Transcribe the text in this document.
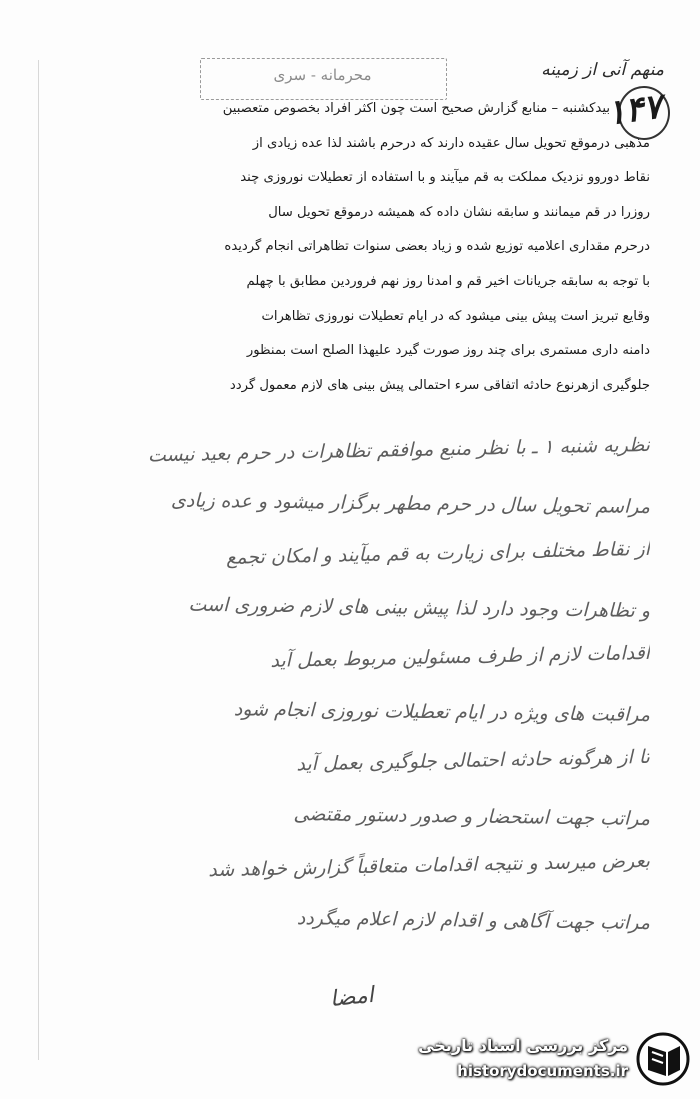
محرمانه - سری	منهم آنی از زمینه
۱۴۷
بیدکشنبه – منابع گزارش صحیح است چون اکثر افراد بخصوص متعصبین
مذهبی درموقع تحویل سال عقیده دارند که درحرم باشند لذا عده زیادی از
نقاط دوروو نزدیک مملکت به قم میآیند و با استفاده از تعطیلات نوروزی چند
روزرا در قم میمانند و سابقه نشان داده که همیشه درموقع تحویل سال
درحرم مقداری اعلامیه توزیع شده و زیاد بعضی سنوات تظاهراتی انجام گردیده
با توجه به سابقه جریانات اخیر قم و امدنا روز نهم فروردین مطابق با چهلم
وقایع تبریز است پیش بینی میشود که در ایام تعطیلات نوروزی تظاهرات
دامنه داری مستمری برای چند روز صورت گیرد علیهذا الصلح است بمنظور
جلوگیری ازهرنوع حادثه اتفاقی سرء احتمالی پیش بینی های لازم معمول گردد
نظریه شنبه ۱ ـ با نظر منبع موافقم تظاهرات در حرم بعید نیست
مراسم تحویل سال در حرم مطهر برگزار میشود و عده زیادی
از نقاط مختلف برای زیارت به قم میآیند و امکان تجمع
و تظاهرات وجود دارد لذا پیش بینی های لازم ضروری است
اقدامات لازم از طرف مسئولین مربوط بعمل آید
مراقبت های ویژه در ایام تعطیلات نوروزی انجام شود
تا از هرگونه حادثه احتمالی جلوگیری بعمل آید
مراتب جهت استحضار و صدور دستور مقتضی
بعرض میرسد و نتیجه اقدامات متعاقباً گزارش خواهد شد
مراتب جهت آگاهی و اقدام لازم اعلام میگردد
امضا
مرکز بررسی اسناد تاریخی
historydocuments.ir
